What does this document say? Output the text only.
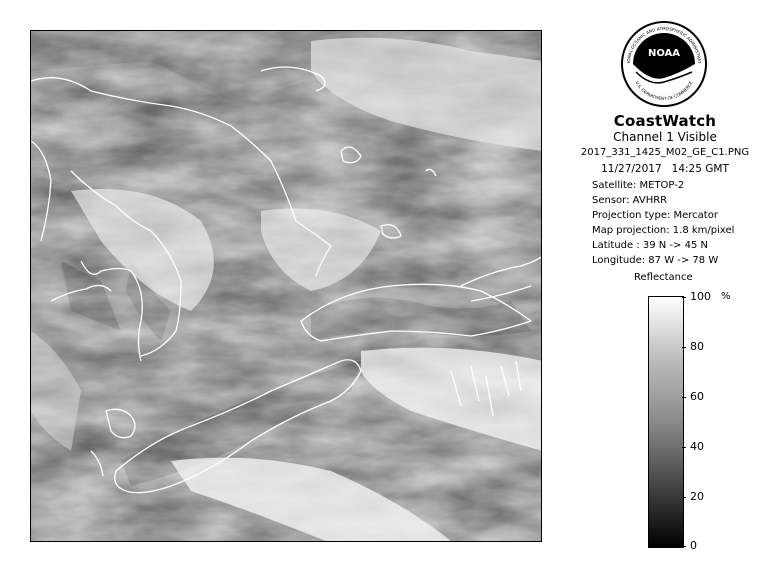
NOAA
IONAL OCEANIC AND ATMOSPHERIC ADMINISTRAT
U.S. DEPARTMENT OF COMMERCE
CoastWatch
Channel 1 Visible
2017_331_1425_M02_GE_C1.PNG
11/27/2017 14:25 GMT
Satellite: METOP-2
Sensor: AVHRR
Projection type: Mercator
Map projection: 1.8 km/pixel
Latitude : 39 N -> 45 N
Longitude: 87 W -> 78 W
Reflectance
%
100
80
60
40
20
0
